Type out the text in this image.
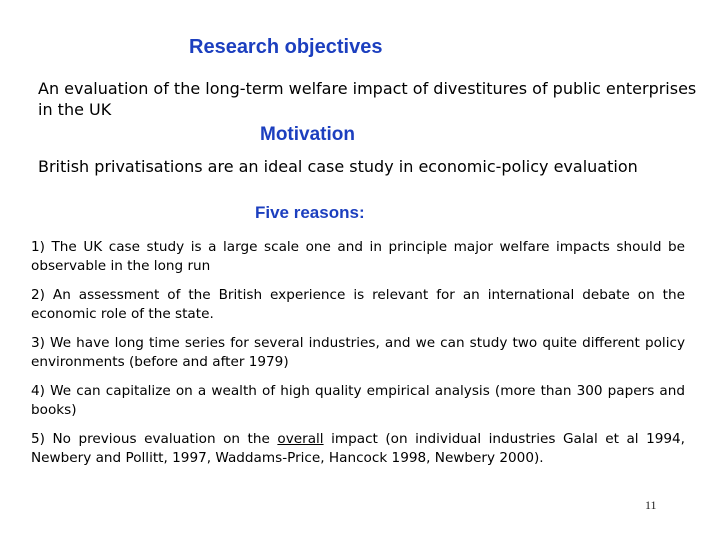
Research objectives

An evaluation of the long-term welfare impact of divestitures of public enterprises in the UK

Motivation

British privatisations are an ideal case study in economic-policy evaluation

Five reasons:

1) The UK case study is a large scale one and in principle major welfare impacts should be observable in the long run

2) An assessment of the British experience is relevant for an international debate on the economic role of the state.

3) We have long time series for several industries, and we can study two quite different policy environments (before and after 1979)

4) We can capitalize on a wealth of high quality empirical analysis (more than 300 papers and books)

5) No previous evaluation on the overall impact (on individual industries Galal et al 1994, Newbery and Pollitt, 1997, Waddams-Price, Hancock 1998, Newbery 2000).

11
